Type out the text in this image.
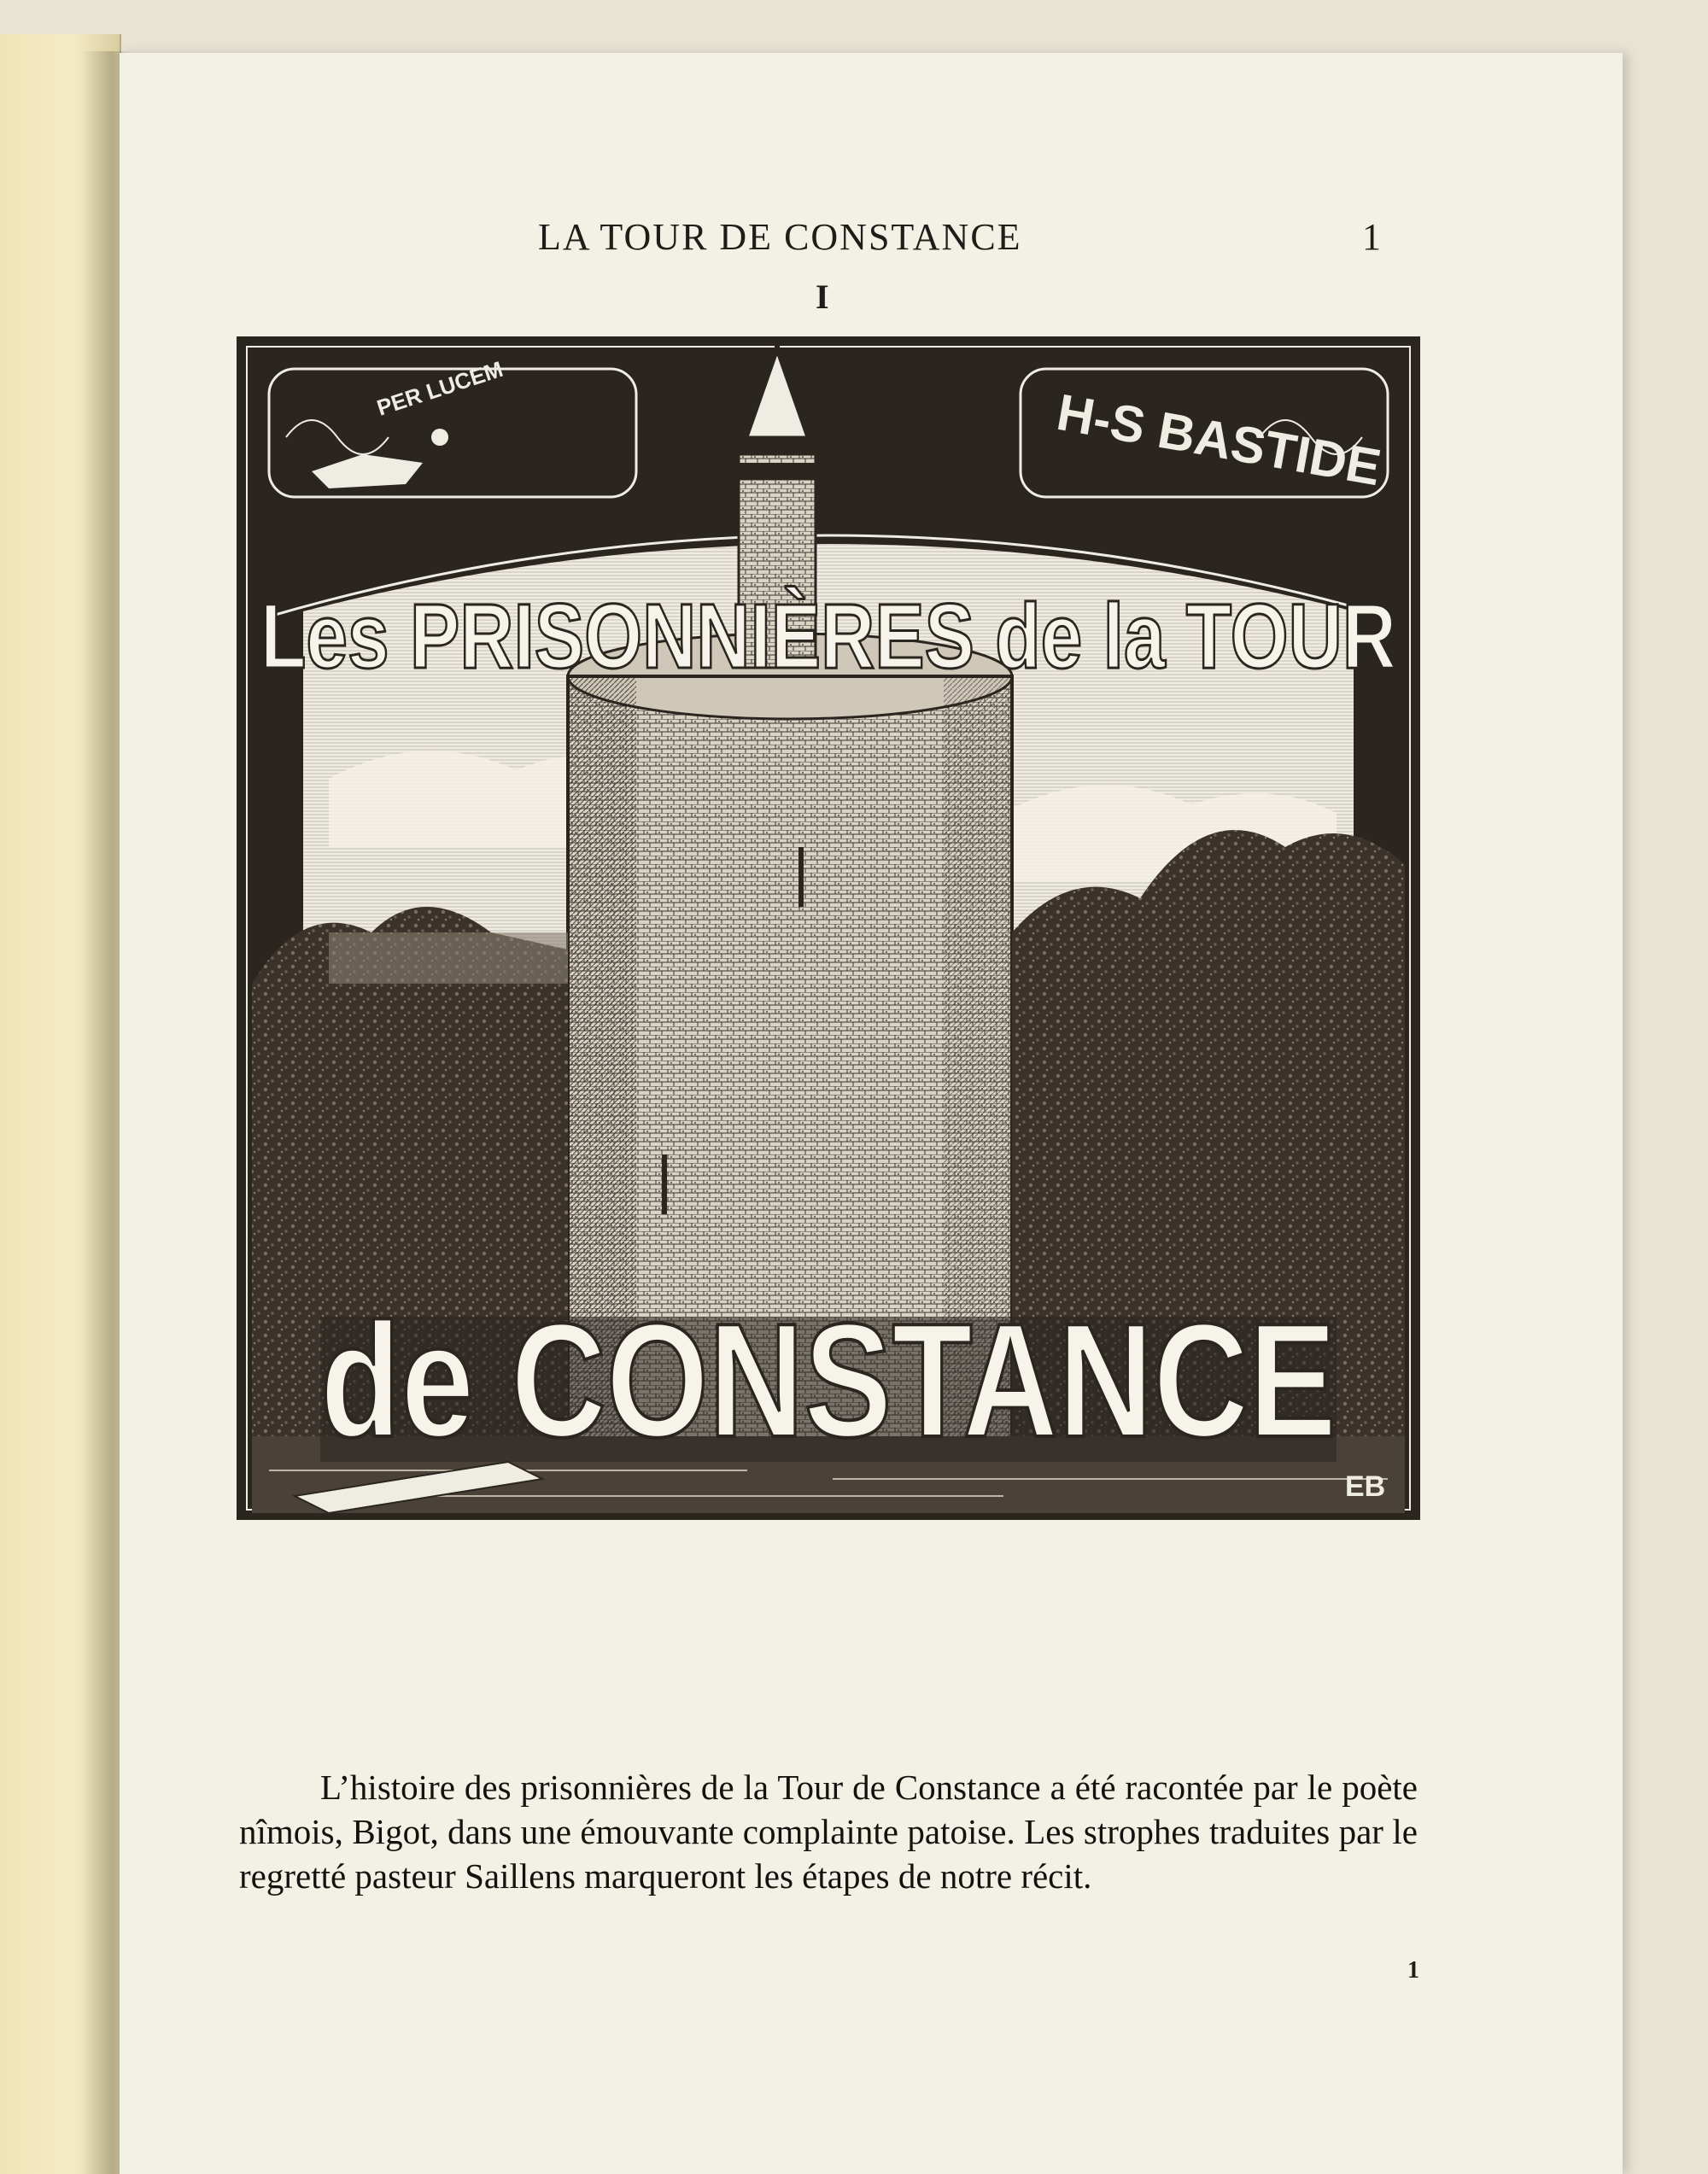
LA TOUR DE CONSTANCE	1
I
PER LUCEM	H-S BASTIDE
Les PRISONNIÈRES de la TOUR
de CONSTANCE
EB

L’histoire des prisonnières de la Tour de Constance a été racontée par le poète nîmois, Bigot, dans une émouvante complainte patoise. Les strophes traduites par le regretté pasteur Saillens marqueront les étapes de notre récit.

1
